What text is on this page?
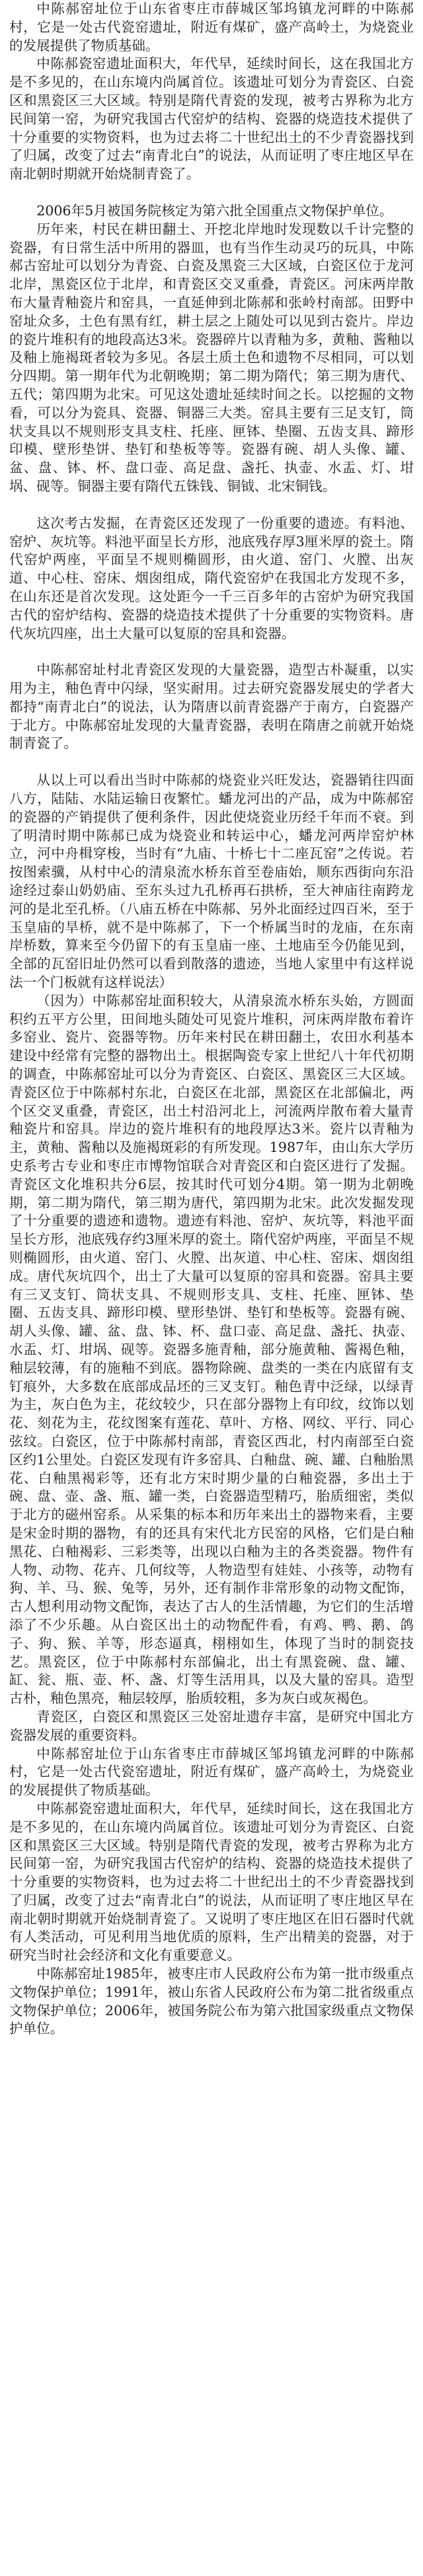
中陈郝窑址位于山东省枣庄市薛城区邹坞镇龙河畔的中陈郝村，它是一处古代瓷窑遗址，附近有煤矿，盛产高岭土，为烧瓷业的发展提供了物质基础。

中陈郝瓷窑遗址面积大，年代早，延续时间长，这在我国北方是不多见的，在山东境内尚属首位。该遗址可划分为青瓷区、白瓷区和黑瓷区三大区域。特别是隋代青瓷的发现，被考古界称为北方民间第一窑，为研究我国古代窑炉的结构、瓷器的烧造技术提供了十分重要的实物资料，也为过去将二十世纪出土的不少青瓷器找到了归属，改变了过去“南青北白”的说法，从而证明了枣庄地区早在南北朝时期就开始烧制青瓷了。

2006年5月被国务院核定为第六批全国重点文物保护单位。

历年来，村民在耕田翻土、开挖北岸地时发现数以千计完整的瓷器，有日常生活中所用的器皿，也有当作生动灵巧的玩具，中陈郝古窑址可以划分为青瓷、白瓷及黑瓷三大区域，白瓷区位于龙河北岸，黑瓷区位于北岸，和青瓷区交叉重叠，青瓷区。河床两岸散布大量青釉瓷片和窑具，一直延伸到北陈郝和张岭村南部。田野中窑址众多，土色有黑有红，耕土层之上随处可以见到古瓷片。岸边的瓷片堆积有的地段高达3米。瓷器碎片以青釉为多，黄釉、酱釉以及釉上施褐斑者较为多见。各层土质土色和遗物不尽相同，可以划分四期。第一期年代为北朝晚期；第二期为隋代；第三期为唐代、五代；第四期为北宋。可见这处遗址延续时间之长。以挖掘的文物看，可以分为瓷具、瓷器、铜器三大类。窑具主要有三足支钉，筒状支具以不规则形支具支柱、托座、匣钵、垫圈、五齿支具、蹄形印模、壁形垫饼、垫钉和垫板等等。瓷器有碗、胡人头像、罐、盆、盘、钵、杯、盘口壶、高足盘、盏托、执壶、水盂、灯、坩埚、砚等。铜器主要有隋代五铢钱、铜钺、北宋铜钱。

这次考古发掘，在青瓷区还发现了一份重要的遗迹。有料池、窑炉、灰坑等。料池平面呈长方形，池底残存厚3厘米厚的瓷土。隋代窑炉两座，平面呈不规则椭圆形，由火道、窑门、火膛、出灰道、中心柱、窑床、烟囱组成，隋代瓷窑炉在我国北方发现不多，在山东还是首次发现。这处距今一千三百多年的古窑炉为研究我国古代的窑炉结构、瓷器的烧造技术提供了十分重要的实物资料。唐代灰坑四座，出土大量可以复原的窑具和瓷器。

中陈郝窑址村北青瓷区发现的大量瓷器，造型古朴凝重，以实用为主，釉色青中闪绿，坚实耐用。过去研究瓷器发展史的学者大都持“南青北白”的说法，认为隋唐以前青瓷器产于南方，白瓷器产于北方。中陈郝窑址发现的大量青瓷器，表明在隋唐之前就开始烧制青瓷了。

从以上可以看出当时中陈郝的烧瓷业兴旺发达，瓷器销往四面八方，陆陆、水陆运输日夜繁忙。蟠龙河出的产品，成为中陈郝窑的瓷器的产销提供了便利条件，因此使烧瓷业历经千年而不衰。到了明清时期中陈郝已成为烧瓷业和转运中心，蟠龙河两岸窑炉林立，河中舟楫穿梭，当时有“九庙、十桥七十二座瓦窑”之传说。若按图索骥，从村中心的清泉流水桥东首至卷庙始，顺东西街向东沿途经过泰山奶奶庙、至东头过九孔桥再石拱桥，至大神庙往南跨龙河的是北至孔桥。（八庙五桥在中陈郝、另外北面经过四百米，至于玉皇庙的旱桥，就不是中陈郝了，下一个桥属当时的龙庙，在东南岸桥数，算来至今仍留下的有玉皇庙一座、土地庙至今仍能见到，全部的瓦窑旧址仍然可以看到散落的遗迹，当地人家里中有这样说法一个门板就有这样说法）

（因为）中陈郝窑址面积较大，从清泉流水桥东头始，方圆面积约五平方公里，田间地头随处可见瓷片堆积，河床两岸散布着许多窑业、瓷片、瓷器等物。历年来村民在耕田翻土，农田水利基本建设中经常有完整的器物出土。根据陶瓷专家上世纪八十年代初期的调查，中陈郝窑址可以分为青瓷区、白瓷区、黑瓷区三大区域。青瓷区位于中陈郝村东北，白瓷区在北部，黑瓷区在北部偏北，两个区交叉重叠，青瓷区，出土村沿河北上，河流两岸散布着大量青釉瓷片和窑具。岸边的瓷片堆积有的地段厚达3米。瓷片以青釉为主，黄釉、酱釉以及施褐斑彩的有所发现。1987年，由山东大学历史系考古专业和枣庄市博物馆联合对青瓷区和白瓷区进行了发掘。青瓷区文化堆积共分6层，按其时代可划分4期。第一期为北朝晚期，第二期为隋代，第三期为唐代，第四期为北宋。此次发掘发现了十分重要的遗迹和遗物。遗迹有料池、窑炉、灰坑等，料池平面呈长方形，池底残存约3厘米厚的瓷土。隋代窑炉两座，平面呈不规则椭圆形，由火道、窑门、火膛、出灰道、中心柱、窑床、烟囱组成。唐代灰坑四个，出土了大量可以复原的窑具和瓷器。窑具主要有三叉支钉、筒状支具、不规则形支具、支柱、托座、匣钵、垫圈、五齿支具、蹄形印模、壁形垫饼、垫钉和垫板等。瓷器有碗、胡人头像、罐、盆、盘、钵、杯、盘口壶、高足盘、盏托、执壶、水盂、灯、坩埚、砚等。瓷器多施青釉，部分施黄釉、酱褐色釉，釉层较薄，有的施釉不到底。器物除碗、盘类的一类在内底留有支钉痕外，大多数在底部成品坯的三叉支钉。釉色青中泛绿，以绿青为主，灰白色为主，花纹较少，只在部分器物上有印纹，纹饰以划花、刻花为主，花纹图案有莲花、草叶、方格、网纹、平行、同心弦纹。白瓷区，位于中陈郝村南部，青瓷区西北，村内南部至白瓷区约1公里处。白瓷区发现有许多窑具、白釉盘、碗、罐、白釉胎黑花、白釉黑褐彩等，还有北方宋时期少量的白釉瓷器，多出土于碗、盘、壶、盏、瓶、罐一类，白瓷器造型精巧，胎质细密，类似于北方的磁州窑系。从采集的标本和历年来出土的器物来看，主要是宋金时期的器物，有的还具有宋代北方民窑的风格，它们是白釉黑花、白釉褐彩、三彩类等，出现以白釉为主的各类瓷器。物件有人物、动物、花卉、几何纹等，人物造型有娃娃、小孩等，动物有狗、羊、马、猴、兔等，另外，还有制作非常形象的动物文配饰，古人想利用动物文配饰，表达了古人的生活情趣，为它们的生活增添了不少乐趣。从白瓷区出土的动物配件看，有鸡、鸭、鹅、鸽子、狗、猴、羊等，形态逼真，栩栩如生，体现了当时的制瓷技艺。黑瓷区，位于中陈郝村东部偏北，出土有黑瓷碗、盘、罐、缸、瓮、瓶、壶、杯、盏、灯等生活用具，以及大量的窑具。造型古朴，釉色黑亮，釉层较厚，胎质较粗，多为灰白或灰褐色。

青瓷区，白瓷区和黑瓷区三处窑址遗存丰富，是研究中国北方瓷器发展的重要资料。

中陈郝窑址位于山东省枣庄市薛城区邹坞镇龙河畔的中陈郝村，它是一处古代瓷窑遗址，附近有煤矿，盛产高岭土，为烧瓷业的发展提供了物质基础。

中陈郝瓷窑遗址面积大，年代早，延续时间长，这在我国北方是不多见的，在山东境内尚属首位。该遗址可划分为青瓷区、白瓷区和黑瓷区三大区域。特别是隋代青瓷的发现，被考古界称为北方民间第一窑，为研究我国古代窑炉的结构、瓷器的烧造技术提供了十分重要的实物资料，也为过去将二十世纪出土的不少青瓷器找到了归属，改变了过去“南青北白”的说法，从而证明了枣庄地区早在南北朝时期就开始烧制青瓷了。又说明了枣庄地区在旧石器时代就有人类活动，可见利用当地优质的原料，生产出精美的瓷器，对于研究当时社会经济和文化有重要意义。

中陈郝窑址1985年，被枣庄市人民政府公布为第一批市级重点文物保护单位；1991年，被山东省人民政府公布为第二批省级重点文物保护单位；2006年，被国务院公布为第六批国家级重点文物保护单位。
